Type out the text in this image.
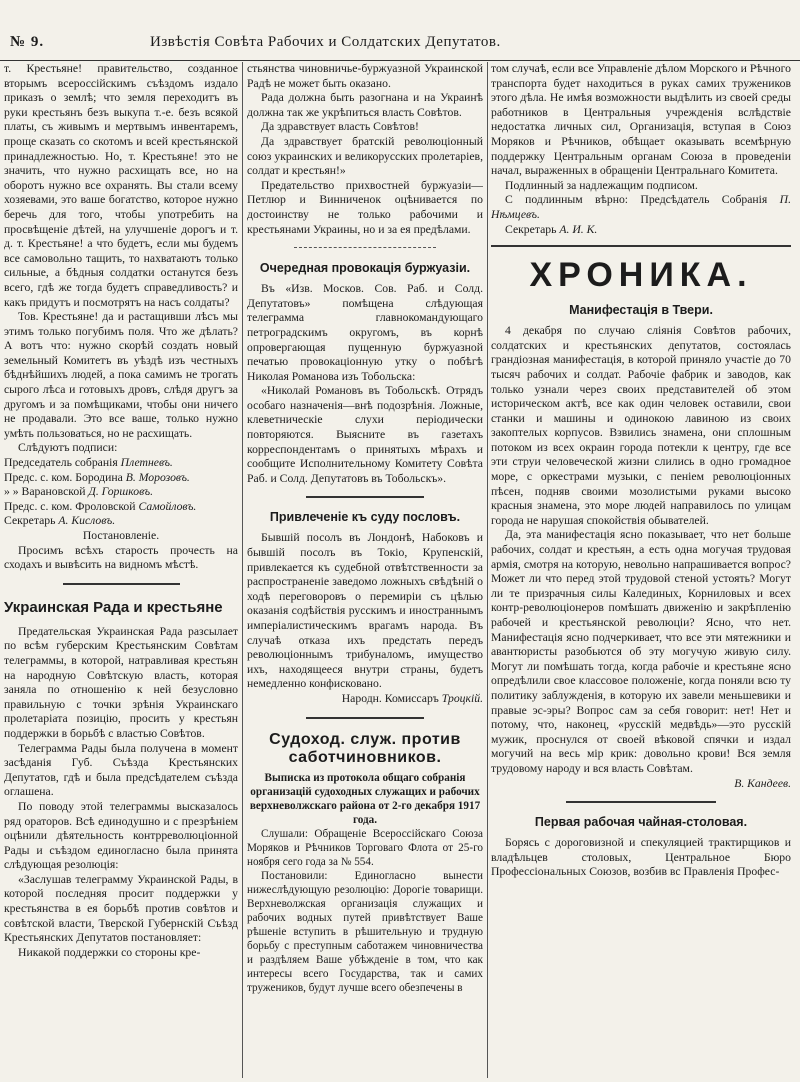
№ 9.	Извѣстія Совѣта Рабочих и Солдатских Депутатов.

т. Крестьяне! правительство, созданное вторымъ всероссійскимъ съѣздомъ издало приказъ о землѣ; что земля переходитъ въ руки крестьянъ безъ выкупа т.-е. безъ всякой платы, съ живымъ и мертвымъ инвентаремъ, проще сказать со скотомъ и всей крестьянской принадлежностью. Но, т. Крестьяне! это не значить, что нужно расхищать все, но на оборотъ нужно все охранять. Вы стали всему хозяевами, это ваше богатство, которое нужно беречь для того, чтобы употребить на просвѣщеніе дѣтей, на улучшеніе дорогъ и т. д. т. Крестьяне! а что будетъ, если мы будемъ все самовольно тащить, то нахватаютъ только сильные, а бѣдныя солдатки останутся безъ всего, гдѣ же тогда будетъ справедливость? и какъ придутъ и посмотрятъ на насъ солдаты?

Тов. Крестьяне! да и растащивши лѣсъ мы этимъ только погубимъ поля. Что же дѣлать? А вотъ что: нужно скорѣй создать новый земельный Комитетъ въ уѣздѣ изъ честныхъ бѣднѣйшихъ людей, а пока самимъ не трогать сырого лѣса и готовыхъ дровъ, слѣдя другъ за другомъ и за помѣщиками, чтобы они ничего не продавали. Это все ваше, только нужно умѣть пользоваться, но не расхищать.

Слѣдуютъ подписи:

Председатель собранія Плетневъ.

Предс. с. ком. Бородина В. Морозовъ.

» » Варановской Д. Горшковъ.

Предс. с. ком. Фроловской Самойловъ.

Секретарь А. Кисловъ.

Постановленіе.

Просимъ всѣхъ старость прочесть на сходахъ и вывѣсить на видномъ мѣстѣ.

Украинская Рада и крестьяне

Предательская Украинская Рада разсылает по всѣм губерским Крестьянским Совѣтам телеграммы, в которой, натравливая крестьян на народную Совѣтскую власть, которая заняла по отношенію к ней безусловно правильную с точки зрѣнія Украинскаго пролетаріата позицію, просить у крестьян поддержки в борьбѣ с властью Совѣтов.

Телеграмма Рады была получена в момент засѣданія Губ. Съѣзда Крестьянских Депутатов, гдѣ и была предсѣдателем съѣзда оглашена.

По поводу этой телеграммы высказалось ряд ораторов. Всѣ единодушно и с презрѣніем оцѣнили дѣятельность контрреволюціонной Рады и съѣздом единогласно была принята слѣдующая резолюція:

«Заслушав телеграмму Украинской Рады, в которой последняя просит поддержки у крестьянства в ея борьбѣ против совѣтов и совѣтской власти, Тверской Губернскій Съѣзд Крестьянских Депутатов постановляет:

Никакой поддержки со стороны кре-

стьянства чиновничье-буржуазной Украинской Радѣ не может быть оказано.

Рада должна быть разогнана и на Украинѣ должна так же укрѣпиться власть Совѣтов.

Да здравствует власть Совѣтов!

Да здравствует братскій революціонный союз украинских и великорусских пролетаріев, солдат и крестьян!»

Предательство прихвостней буржуазіи—Петлюр и Винниченок оцѣнивается по достоинству не только рабочими и крестьянами Украины, но и за ея предѣлами.

Очередная провокація буржуазіи.

Въ «Изв. Москов. Сов. Раб. и Солд. Депутатовъ» помѣщена слѣдующая телеграмма главнокомандующаго петроградскимъ округомъ, въ корнѣ опровергающая пущенную буржуазной печатью провокаціонную утку о побѣгѣ Николая Романова изъ Тобольска:

«Николай Романовъ въ Тобольскѣ. Отрядъ особаго назначенія—внѣ подозрѣнія. Ложные, клеветническіе слухи періодически повторяются. Выясните въ газетахъ корреспондентамъ о принятыхъ мѣрахъ и сообщите Исполнительному Комитету Совѣта Раб. и Солд. Депутатовъ въ Тобольскъ».

Привлеченіе къ суду пословъ.

Бывшій посолъ въ Лондонѣ, Набоковъ и бывшій посолъ въ Токіо, Крупенскій, привлекается къ судебной отвѣтственности за распространеніе заведомо ложныхъ свѣдѣній о ходѣ переговоровъ о перемиріи съ цѣлью оказанія содѣйствія русскимъ и иностраннымъ имперіалистическимъ врагамъ народа. Въ случаѣ отказа ихъ предстать передъ революціоннымъ трибуналомъ, имущество ихъ, находящееся внутри страны, будетъ немедленно конфисковано.

Народн. Комиссаръ Троцкій.

Судоход. служ. против саботчиновников.

Выписка из протокола общаго собранія организацій судоходных служащих и рабочих верхневолжскаго района от 2-го декабря 1917 года.

Слушали: Обращеніе Всероссійскаго Союза Моряков и Рѣчников Торговаго Флота от 25-го ноября сего года за № 554.

Постановили: Единогласно вынести нижеслѣдующую резолюцію: Дорогіе товарищи. Верхневолжская организація служащих и рабочих водных путей привѣтствует Ваше рѣшеніе вступить в рѣшительную и трудную борьбу с преступным саботажем чиновничества и раздѣляем Ваше убѣжденіе в том, что как интересы всего Государства, так и самих тружеников, будут лучше всего обезпечены в

том случаѣ, если все Управленіе дѣлом Морского и Рѣчного транспорта будет находиться в руках самих тружеников этого дѣла. Не имѣя возможности выдѣлить из своей среды работников в Центральныя учрежденія вслѣдствіе недостатка личных сил, Организація, вступая в Союз Моряков и Рѣчников, обѣщает оказывать всемѣрную поддержку Центральным органам Союза в проведеніи начал, выраженных в обращеніи Центральнаго Комитета.

Подлинный за надлежащим подписом.

С подлинным вѣрно: Предсѣдатель Собранія П. Нѣмцевъ.

Секретарь А. И. К.

ХРОНИКА.
Манифестація в Твери.

4 декабря по случаю сліянія Совѣтов рабочих, солдатских и крестьянских депутатов, состоялась грандіозная манифестація, в которой приняло участіе до 70 тысяч рабочих и солдат. Рабочіе фабрик и заводов, как только узнали через своих представителей об этом историческом актѣ, все как один человек оставили, свои станки и машины и одинокою лавиною из своих закоптелых корпусов. Взвились знамена, они сплошным потоком из всех окраин города потекли к центру, где все эти струи человеческой жизни слились в одно громадное море, с оркестрами музыки, с пеніем революціонных пѣсен, подняв своими мозолистыми руками высоко красныя знамена, это море людей направилось по улицам города не нарушая спокойствія обывателей.

Да, эта манифестація ясно показывает, что нет больше рабочих, солдат и крестьян, а есть одна могучая трудовая армія, смотря на которую, невольно напрашивается вопрос? Может ли что перед этой трудовой стеной устоять? Могут ли те призрачныя силы Калединых, Корниловых и всех контр-революціонеров помѣшать движенію и закрѣпленію рабочей и крестьянской революціи? Ясно, что нет. Манифестація ясно подчеркивает, что все эти мятежники и авантюристы разобьются об эту могучую живую силу. Могут ли помѣшать тогда, когда рабочіе и крестьяне ясно опредѣлили свое классовое положеніе, когда поняли всю ту политику заблужденія, в которую их завели меньшевики и правые эс-эры? Вопрос сам за себя говорит: нет! Нет и потому, что, наконец, «русскій медвѣдь»—это русскій мужик, проснулся от своей вѣковой спячки и издал могучий на весь мір крик: довольно крови! Вся земля трудовому народу и вся власть Совѣтам.

В. Кандеев.

Первая рабочая чайная-столовая.

Борясь с дороговизной и спекуляцией трактирщиков и владѣльцев столовых, Центральное Бюро Профессіональных Союзов, возбив вс Правленія Профес-
